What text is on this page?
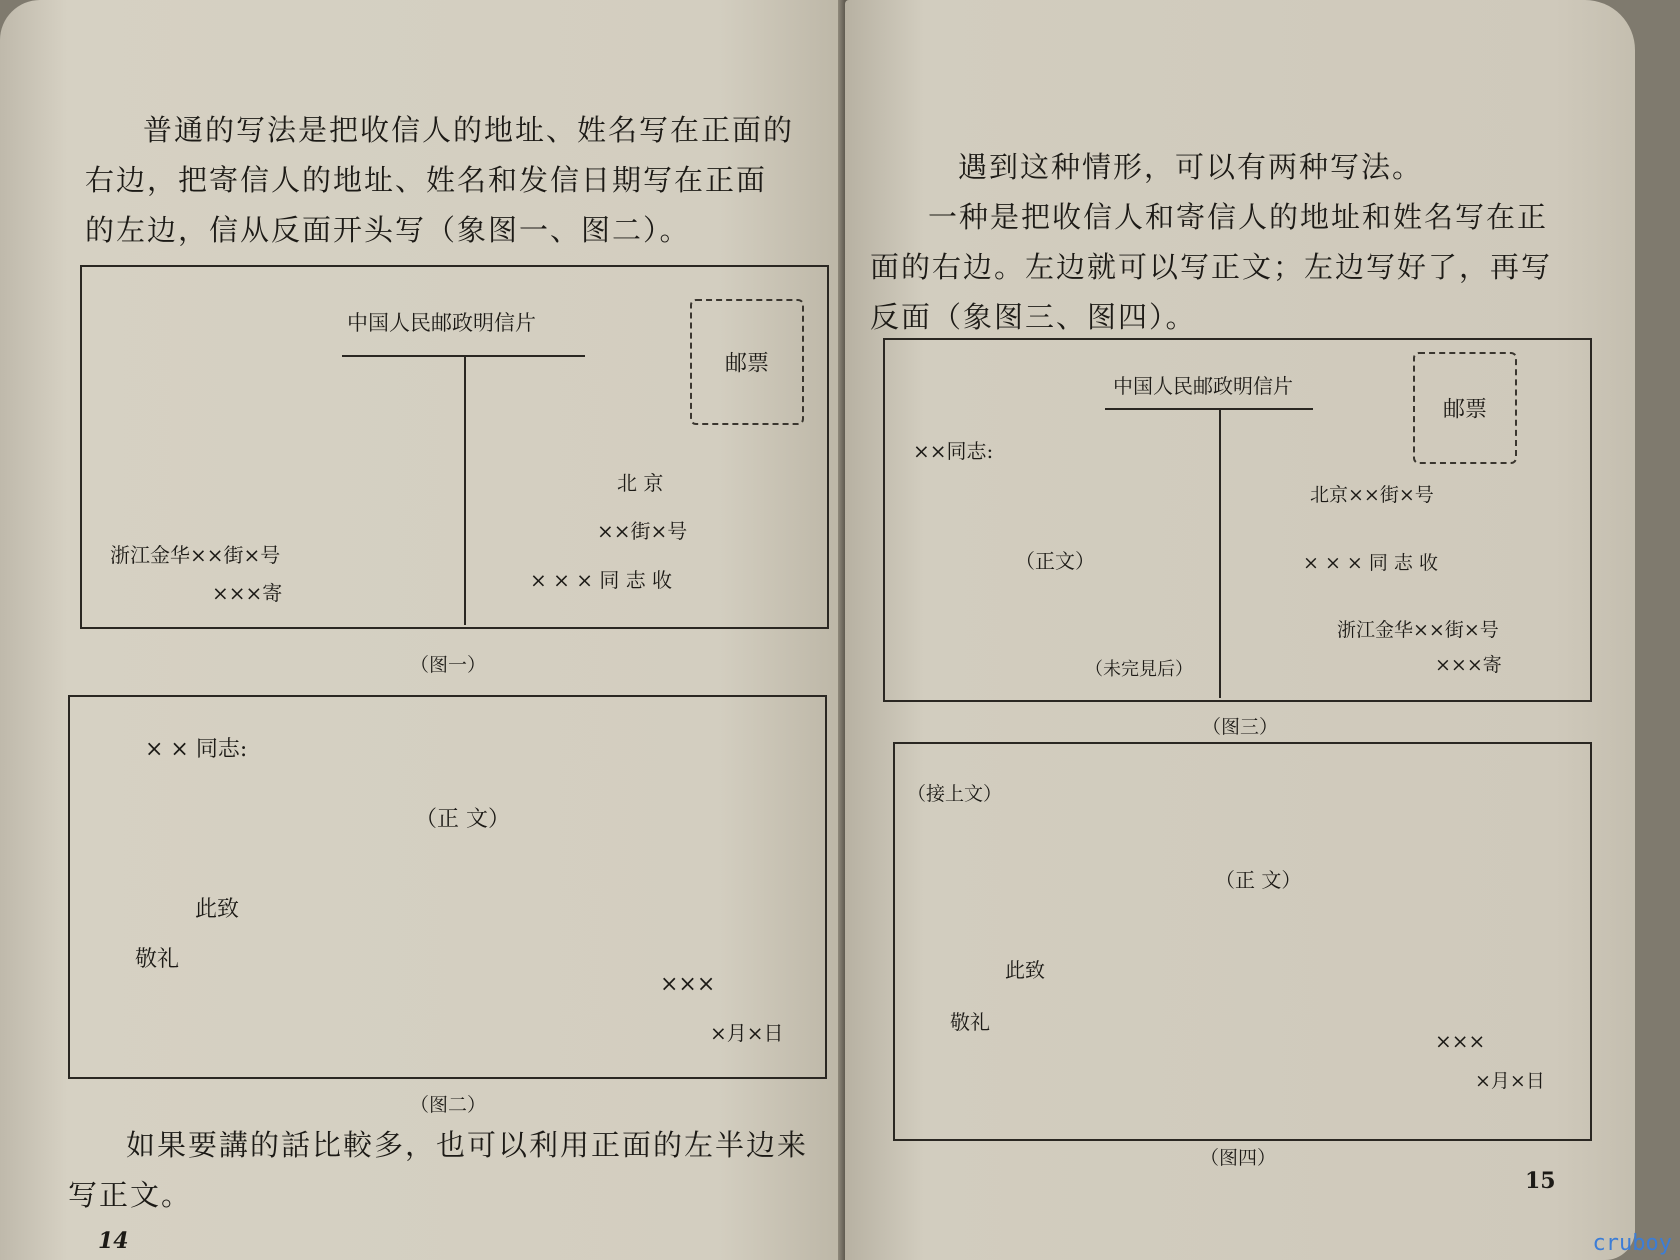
普通的写法是把收信人的地址、姓名写在正面的右边，把寄信人的地址、姓名和发信日期写在正面的左边，信从反面开头写（象图一、图二）。

中国人民邮政明信片
邮票
北 京
××街×号
× × × 同 志 收
浙江金华××街×号
×××寄
（图一）
× × 同志:
（正 文）
此致
敬礼
×××
×月×日
（图二）

如果要講的話比較多，也可以利用正面的左半边来写正文。

14

遇到这种情形，可以有两种写法。

一种是把收信人和寄信人的地址和姓名写在正面的右边。左边就可以写正文；左边写好了，再写反面（象图三、图四）。

中国人民邮政明信片
邮票
××同志:
（正文）
（未完見后）
北京××街×号
× × × 同 志 收
浙江金华××街×号
×××寄
（图三）
（接上文）
（正 文）
此致
敬礼
×××
×月×日
（图四）
15
cruboy
